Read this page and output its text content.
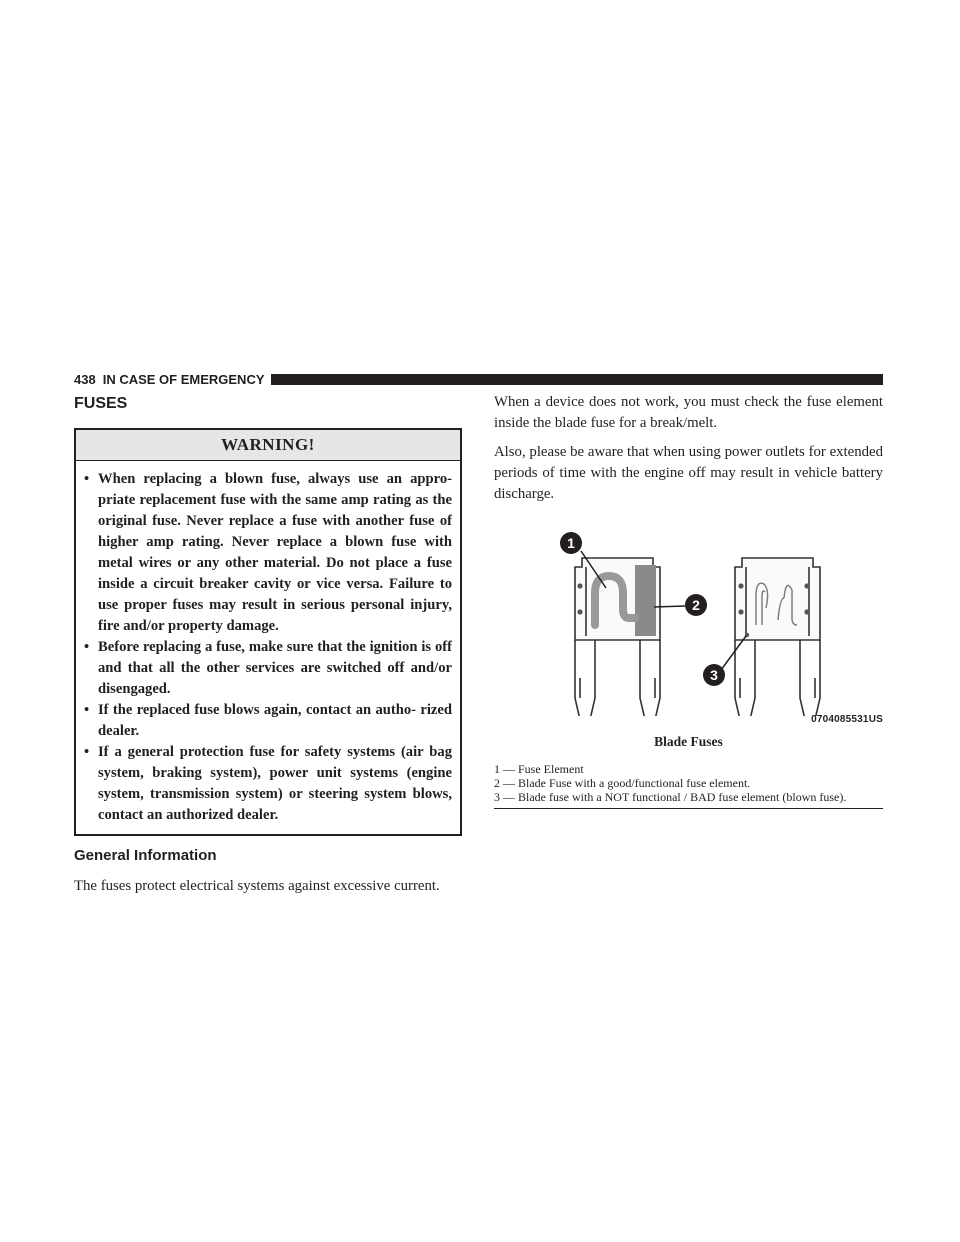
438 IN CASE OF EMERGENCY
FUSES
WARNING!
• When replacing a blown fuse, always use an appro- priate replacement fuse with the same amp rating as the original fuse. Never replace a fuse with another fuse of higher amp rating. Never replace a blown fuse with metal wires or any other material. Do not place a fuse inside a circuit breaker cavity or vice versa. Failure to use proper fuses may result in serious personal injury, fire and/or property damage.
• Before replacing a fuse, make sure that the ignition is off and that all the other services are switched off and/or disengaged.
• If the replaced fuse blows again, contact an autho- rized dealer.
• If a general protection fuse for safety systems (air bag system, braking system), power unit systems (engine system, transmission system) or steering system blows, contact an authorized dealer.
General Information

The fuses protect electrical systems against excessive current.

When a device does not work, you must check the fuse element inside the blade fuse for a break/melt.

Also, please be aware that when using power outlets for extended periods of time with the engine off may result in vehicle battery discharge.

1
2
3
0704085531US
Blade Fuses
1 — Fuse Element
2 — Blade Fuse with a good/functional fuse element.
3 — Blade fuse with a NOT functional / BAD fuse element (blown fuse).
